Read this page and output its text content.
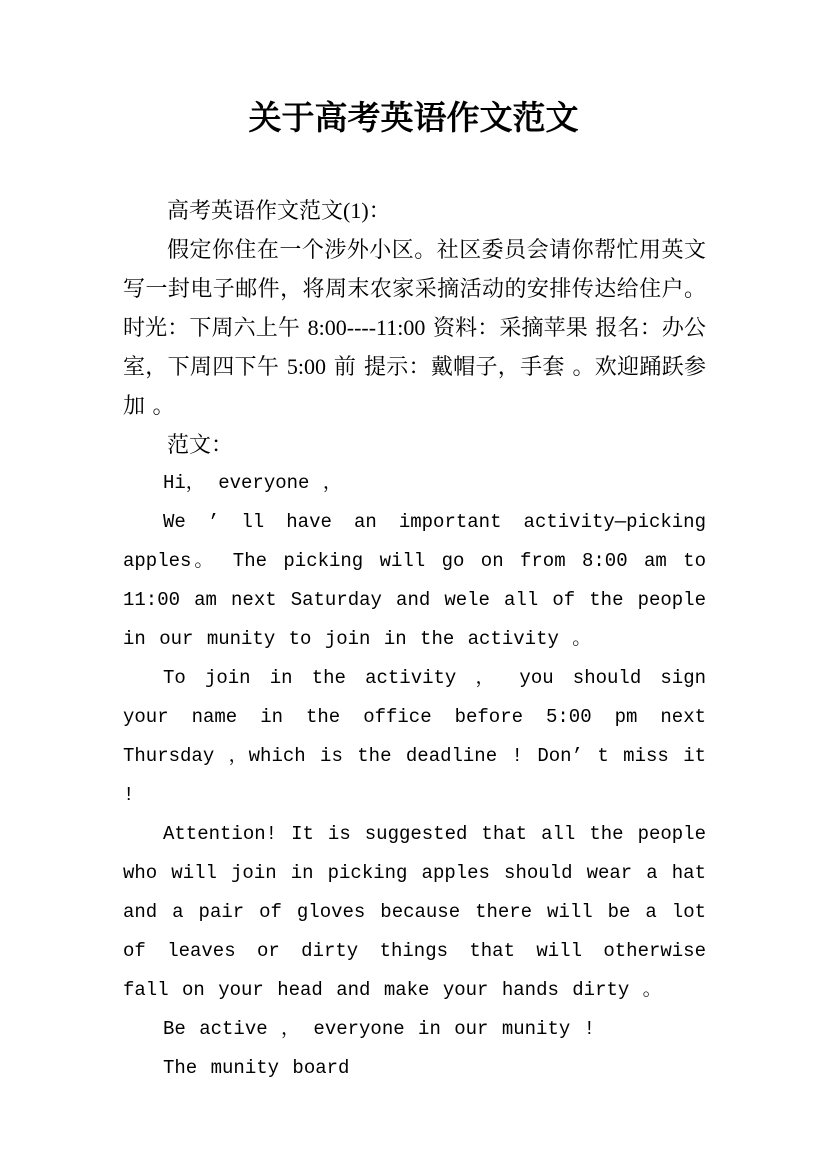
关于高考英语作文范文

高考英语作文范文(1)：

假定你住在一个涉外小区。社区委员会请你帮忙用英文写一封电子邮件，将周末农家采摘活动的安排传达给住户。时光：下周六上午 8:00----11:00 资料：采摘苹果 报名：办公室，下周四下午 5:00 前 提示：戴帽子，手套 。欢迎踊跃参加 。

范文：

Hi， everyone ，

We ’ ll have an important activity—picking apples。 The picking will go on from 8:00 am to 11:00 am next Saturday and wele all of the people in our munity to join in the activity 。

To join in the activity ， you should sign your name in the office before 5:00 pm next Thursday ，which is the deadline ! Don’ t miss it !

Attention! It is suggested that all the people who will join in picking apples should wear a hat and a pair of gloves because there will be a lot of leaves or dirty things that will otherwise fall on your head and make your hands dirty 。

Be active ， everyone in our munity !

The munity board
